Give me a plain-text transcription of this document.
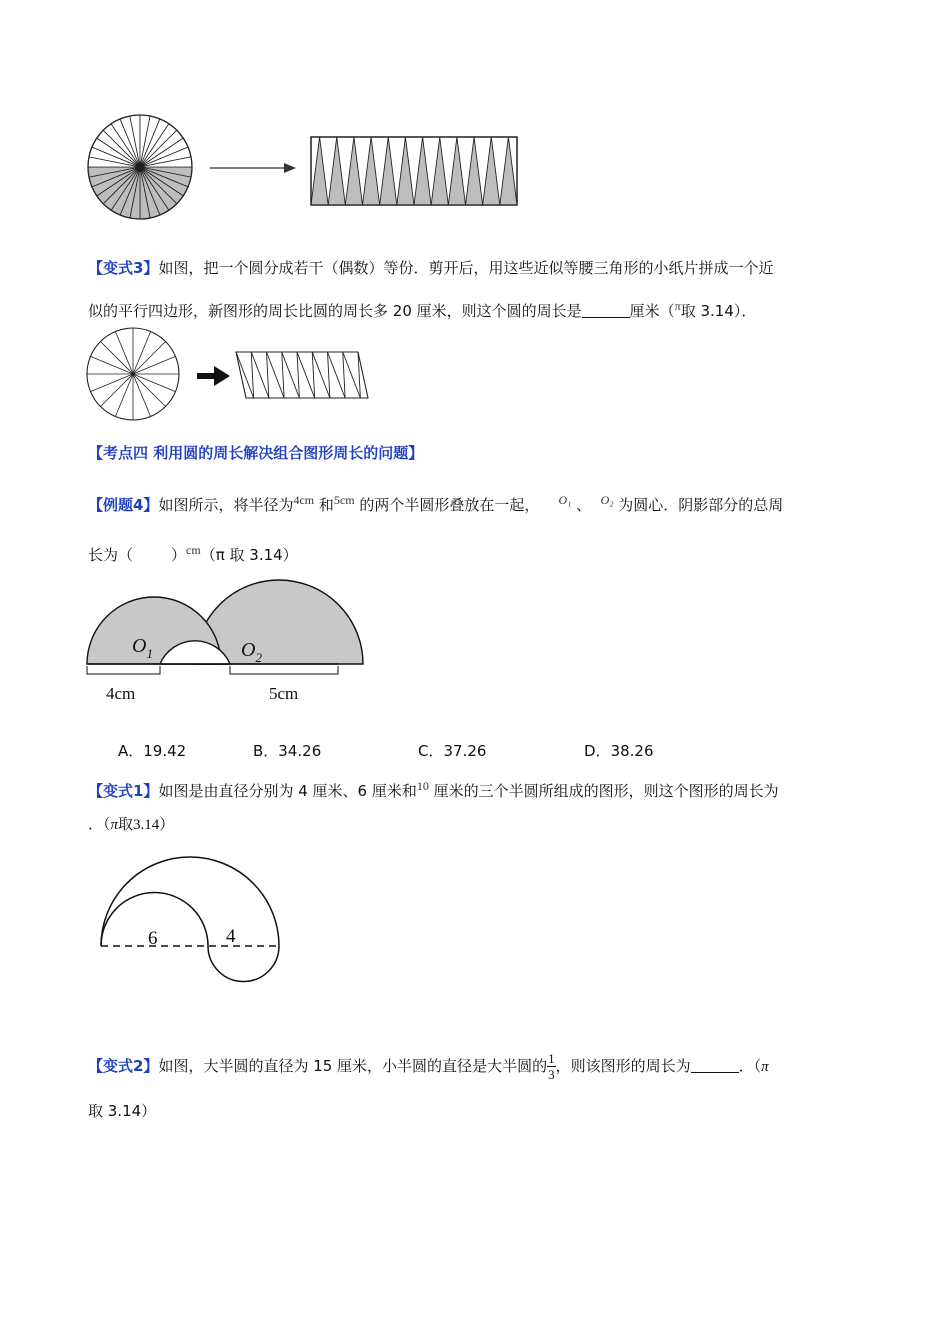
【变式3】如图，把一个圆分成若干（偶数）等份．剪开后，用这些近似等腰三角形的小纸片拼成一个近
似的平行四边形，新图形的周长比圆的周长多 20 厘米，则这个圆的周长是	厘米（$^\pi$取 3.14）．
【考点四 利用圆的周长解决组合图形周长的问题】
【例题4】如图所示，将半径为$^{4cm}$ 和$^{5cm}$ 的两个半圆形叠放在一起， $^{O_1}$ 、 $^{O_2}$ 为圆心．阴影部分的总周
长为（	）$^{cm}$（π 取 3.14）
$O_1$	$O_2$
4cm	5cm
A．19.42	B．34.26	C．37.26	D．38.26
【变式1】如图是由直径分别为 4 厘米、6 厘米和$^{10}$ 厘米的三个半圆所组成的图形，则这个图形的周长为
．（π取3.14）
6	4
【变式2】如图，大半圆的直径为 15 厘米，小半圆的直径是大半圆的 $\frac{1}{3}$ ，则该图形的周长为	．（π
取 3.14）
